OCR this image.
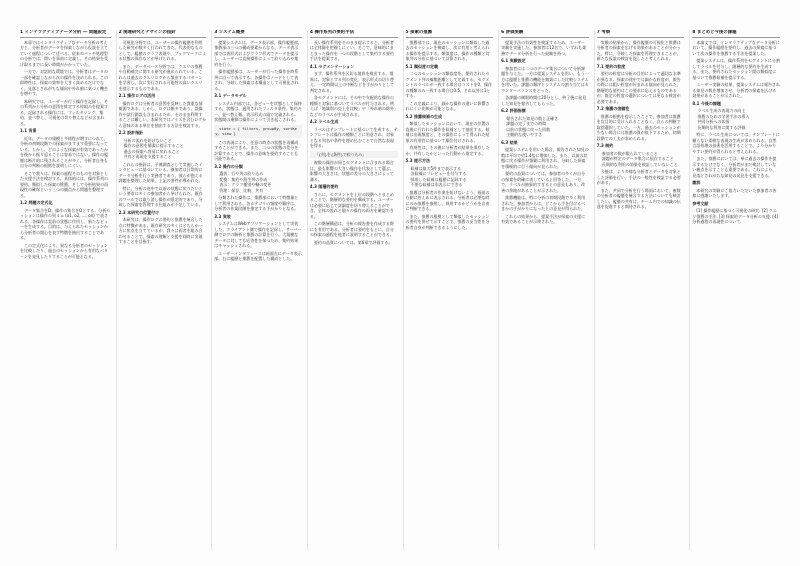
1 インテラクティブデータ分析 ― 問題設定

本章ではインタラクティブなデータ分析の考え方と、分析者がデータを探索しながら仮説を立てていく過程について述べる。従来のバッチ処理型の分析では、問いを事前に定義し、その結果を受け取るまでに長い時間がかかっていた。

一方で、対話的な環境では、分析者はデータの一部を確認しながら次の操作を決められる。この即時性は、探索の効率を大きく高めるだけでなく、見落とされがちな傾向や外れ値に気づく機会を増やす。

本研究では、ユーザーが行う操作を記録し、その系列から分析の意図を推定する枠組みを提案する。記録される操作には、フィルタリング、集約、並べ替え、可視化の切り替えなどが含まれる。

1.1 背景

近年、データの規模と多様性が増すにつれて、分析の初期段階での探索がますます重要になっている。しかし、どのような探索が有効であったかを後から振り返ることは容易ではない。操作の履歴は断片的に残されることが多く、分析者自身も自分の判断の根拠を説明しにくい。

そこで我々は、探索の過程そのものを対象とした支援手法を検討する。具体的には、操作系列の要約、類似した探索の推薦、そして分析結果の再現性の確保という三つの観点から問題を整理する。

1.2 問題の定式化

データ集合をD、操作の集合をOとする。分析セッションは操作の列 s = (o1, o2, ..., on) で表される。各操作は直前の状態に作用し、新たなビューを生成する。目的は、与えられたセッションから分析者の関心を表す特徴を抽出することである。

この定式化により、異なる分析者のセッションを比較したり、過去のセッションから有用なパターンを発見したりすることが可能となる。

2 関連研究とデザインの指針

可視化分野では、ユーザーの操作履歴を利用した研究が数多く行われてきた。代表的なものとして、履歴のグラフ表現や、ブックマークによる状態の保存などが挙げられる。

また、データベース分野では、クエリの推薦や自動補完に関する研究が進められている。これらは過去のクエリログから頻出するパターンを学習し、次に実行される可能性の高いクエリを提示するものである。

2.1 操作ログの活用

操作ログは分析者の意図を反映した貴重な情報源である。しかし、ログは雑多であり、誤操作や試行錯誤も含まれるため、そのまま利用することは難しい。本研究ではノイズを含むログから意味のある単位を抽出する方法を検討する。

2.2 設計指針

• 分析の流れを妨げないこと
• 操作の意図を簡潔に提示すること
• 過去の探索へ容易に戻れること
• 共有と再現を支援すること

これらの指針は、予備調査として実施したインタビューに基づいている。参加者は日常的にデータ分析を行う実務者であり、彼らが抱える課題を整理した結果、上記の要件が導かれた。

特に、分析の途中で以前の状態に戻りたいという要求は多くの参加者から挙げられた。既存のツールでは取り消し操作が限定的であり、分岐した探索を管理する仕組みが不足している。

2.3 本研究の位置付け

本研究は、操作ログの要約と推薦を統合した点に特徴がある。既存研究の多くはどちらか一方に焦点を当てているが、我々は両者を組み合わせることで、探索の理解と支援を同時に実現することを目指す。

3 システム概要

提案システムは、データ表示部、操作履歴部、推薦部の三つの構成要素からなる。データ表示部では表形式およびグラフ形式でデータを提示し、ユーザーは直接操作によって絞り込みや集約を行う。

操作履歴部は、ユーザーが行った操作を時系列に沿って表示する。各操作はノードとして表され、分岐した探索は木構造として可視化される。

3.1 データモデル

システム内部では、各ビューを状態として保持する。状態は、適用されたフィルタ条件、集約キー、並べ替え順、表示形式の組で定義される。状態間の遷移は操作によって引き起こされる。

state = { filters, groupBy, sortKey, view }

この表現により、任意の時点の状態を再構成することができる。また、二つの状態の差分を計算することで、操作の意味を要約することも可能である。

3.2 操作の分類

• 選択：行や列の絞り込み
• 変換：集約や派生列の作成
• 表示：グラフ種別や軸の変更
• 管理：保存、比較、共有

分類された操作は、推薦部において特徴量として利用される。各カテゴリの頻度や順序は、分析者の作業段階を推定する手がかりとなる。

3.3 実装

システムはWebアプリケーションとして実装した。クライアント側で操作を記録し、サーバー側でログの解析と推薦の計算を行う。大規模なデータに対しても応答性を保つため、集約結果はキャッシュされる。

ユーザーインタフェースは画面左にデータ表示部、右に履歴と推薦を配置した構成とした。

4 操作系列の要約手法

長い操作系列をそのまま提示すると、分析者は全体像を把握しにくい。そこで、意味的にまとまった操作を一つの段階として集約する要約手法を提案する。

4.1 セグメンテーション

まず、操作系列を区切る境界を検出する。境界は、対象とする列の変化、表示形式の切り替え、一定時間以上の中断などを手がかりとして判定される。

各セグメントには、その中で支配的な操作の種類と対象に基づいてラベルが付与される。例えば「地域別の売上を比較」や「外れ値の除外」などのラベルが生成される。

4.2 ラベル生成

ラベルはテンプレートに基づいて生成する。テンプレートは操作の種類ごとに用意され、対象となる列名や条件を埋め込むことで自然な表現を得る。

「{列}を{条件}で絞り込み」

複数の操作が同じセグメントに含まれる場合は、最も影響の大きい操作を代表として選ぶ。影響の大きさは、状態の差分の大きさによって測る。

4.3 階層的要約

さらに、セグメントを上位の段階へとまとめることで、階層的な要約を構成する。ユーザーは必要に応じて詳細度を切り替えることができ、全体の流れと個々の操作の両方を確認できる。

この階層構造は、分析の報告書を作成する際にも有用である。分析者は要約をもとに、自分の探索の過程を他者に説明することができる。

要約の品質については、第6章で評価する。

5 探索の推薦

推薦部では、現在のセッションに類似した過去のセッションを検索し、次に有用と考えられる操作を提示する。類似度は、操作の種類と対象列の分布に基づいて計算される。

5.1 類似度の定義

二つのセッションの類似度を、要約されたセグメント列の編集距離として定義する。セグメントのラベルが一致する場合はコストを0、操作の種類のみ一致する場合は0.5、それ以外は1とする。

この定義により、細かな操作の違いに影響されにくい比較が可能となる。

5.2 推薦候補の生成

類似したセッションにおいて、現在の位置の直後に行われた操作を候補として抽出する。候補は出現頻度と、その操作によって得られた結果の有用性に基づいて順位付けされる。

有用性は、その後に分析者が結果を保存したか、共有したかといった行動から推定する。

5.3 提示方法

• 候補は最大5件まで表示する
• 各候補にプレビューを付与する
• 採用した候補は履歴に記録する
• 不要な候補は非表示にできる

推薦は分析者の作業を妨げないよう、画面の右側に控えめに表示される。分析者は必要な時にのみ推薦を参照し、採用するかどうかを自由に判断できる。

また、推薦の根拠として類似したセッションの要約を併せて示すことで、推薦の妥当性を分析者自身が判断できるようにした。

6 評価実験

提案手法の有効性を検証するため、ユーザー実験を実施した。参加者は12名で、いずれも業務でデータ分析を行った経験を持つ。

6.1 実験設定

参加者には二つのデータ集合について分析課題を与えた。一方は提案システムを用い、もう一方は履歴と推薦の機能を無効にした比較システムを用いた。課題の順序とシステムの割り当てはカウンターバランスをとった。

各課題の制限時間は20分とし、終了後に発見した知見を報告してもらった。

6.2 評価指標

• 報告された知見の数と正確さ
• 課題の完了までの時間
• 以前の状態に戻った回数
• 主観的な使いやすさ

6.3 結果

提案システムを用いた場合、報告された知見の数は平均で約1.4倍に増加した。また、以前の状態に戻る操作が頻繁に利用され、分岐した探索を積極的に行う傾向が見られた。

要約の品質については、参加者の多くが自分の探索を的確に表していると回答した。一方で、ラベルが抽象的すぎるとの意見もあり、改善の余地があることが示された。

推薦機能は、特に分析の初期段階で多く利用された。参加者からは、どこから手を付けるべきかの手がかりになったとの意見が得られた。

これらの結果から、提案手法が探索の支援に有効であることが示唆された。

7 考察

実験の結果から、操作履歴の可視化と推薦は分析者の探索を広げる効果があることが分かった。特に、分岐した探索を管理できることが、新たな仮説の検討を促したと考えられる。

7.1 要約の粒度

要約の粒度は分析の目的によって適切な水準が異なる。探索の途中では細かな粒度が、報告の際には粗い粒度が好まれる傾向が見られた。階層的な要約はこの要求に応えるものであるが、既定の粒度の選択については更なる検討が必要である。

7.2 推薦の信頼性

推薦の根拠を提示したことで、参加者は推薦を盲目的に受け入れることなく、自らの判断で取捨選択していた。一方、過去のセッションが少ない場合には推薦の質が低下するため、初期段階での工夫が求められる。

7.3 制約

• 参加者の数が限られていること
• 課題が特定のデータ集合に依存すること
• 長期的な利用の効果を検証していないこと

今後は、より多様な分析者とデータを対象とした評価を行い、手法の一般性を検証する必要がある。

また、共同で分析を行う場面において、複数の分析者の履歴を統合する方法についても検討したい。履歴の共有は、チーム内での知識の伝達を促進すると期待される。

8 まとめと今後の課題

本論文では、インタラクティブなデータ分析において、操作履歴を要約し、過去の探索に基づいて次の操作を推薦する手法を提案した。

提案システムは、操作系列をセグメントに分割してラベルを付与し、階層的な要約を生成する。また、要約されたセッション間の類似度に基づいて推薦候補を提示する。

ユーザー実験の結果、提案システムは報告される知見の数を増加させ、分析者の探索を広げる効果があることが示された。

8.1 今後の課題

• ラベル生成の表現力の向上
• 推薦のための学習手法の導入
• 共同分析への拡張
• 長期的な利用に関する評価

特に、ラベル生成については、テンプレートに頼らない柔軟な表現の生成が求められる。自然言語処理の技術を活用することで、より分かりやすい要約が得られると考えられる。

また、推薦においては、単に過去の操作を提示するだけでなく、分析者がまだ検討していない観点を示すことも重要である。これにより、見落とされがちな知見の発見を支援できる。

謝辞

本研究の実験にご協力いただいた参加者の皆様に感謝いたします。

参考文献

[1] 操作履歴に基づく可視化の研究. [2] クエリ推薦の手法. [3] 探索的データ分析の支援. [4] 分析過程の再現性について.
